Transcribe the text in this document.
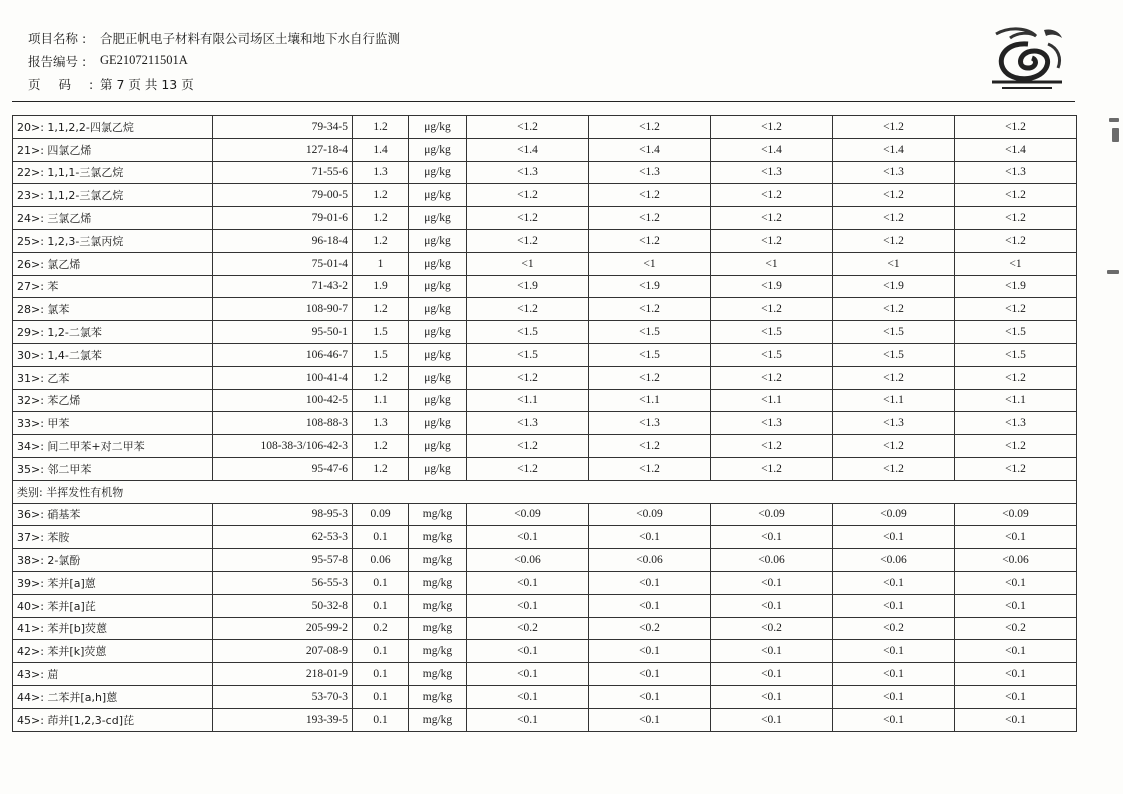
项目名称 :	合肥正帆电子材料有限公司场区土壤和地下水自行监测
报告编号 :	GE2107211501A
页码: 第 7 页 共 13 页
20>: 1,1,2,2-四氯乙烷	79-34-5	1.2	μg/kg	<1.2	<1.2	<1.2	<1.2	<1.2
21>: 四氯乙烯	127-18-4	1.4	μg/kg	<1.4	<1.4	<1.4	<1.4	<1.4
22>: 1,1,1-三氯乙烷	71-55-6	1.3	μg/kg	<1.3	<1.3	<1.3	<1.3	<1.3
23>: 1,1,2-三氯乙烷	79-00-5	1.2	μg/kg	<1.2	<1.2	<1.2	<1.2	<1.2
24>: 三氯乙烯	79-01-6	1.2	μg/kg	<1.2	<1.2	<1.2	<1.2	<1.2
25>: 1,2,3-三氯丙烷	96-18-4	1.2	μg/kg	<1.2	<1.2	<1.2	<1.2	<1.2
26>: 氯乙烯	75-01-4	1	μg/kg	<1	<1	<1	<1	<1
27>: 苯	71-43-2	1.9	μg/kg	<1.9	<1.9	<1.9	<1.9	<1.9
28>: 氯苯	108-90-7	1.2	μg/kg	<1.2	<1.2	<1.2	<1.2	<1.2
29>: 1,2-二氯苯	95-50-1	1.5	μg/kg	<1.5	<1.5	<1.5	<1.5	<1.5
30>: 1,4-二氯苯	106-46-7	1.5	μg/kg	<1.5	<1.5	<1.5	<1.5	<1.5
31>: 乙苯	100-41-4	1.2	μg/kg	<1.2	<1.2	<1.2	<1.2	<1.2
32>: 苯乙烯	100-42-5	1.1	μg/kg	<1.1	<1.1	<1.1	<1.1	<1.1
33>: 甲苯	108-88-3	1.3	μg/kg	<1.3	<1.3	<1.3	<1.3	<1.3
34>: 间二甲苯+对二甲苯	108-38-3/106-42-3	1.2	μg/kg	<1.2	<1.2	<1.2	<1.2	<1.2
35>: 邻二甲苯	95-47-6	1.2	μg/kg	<1.2	<1.2	<1.2	<1.2	<1.2
类别: 半挥发性有机物								
36>: 硝基苯	98-95-3	0.09	mg/kg	<0.09	<0.09	<0.09	<0.09	<0.09
37>: 苯胺	62-53-3	0.1	mg/kg	<0.1	<0.1	<0.1	<0.1	<0.1
38>: 2-氯酚	95-57-8	0.06	mg/kg	<0.06	<0.06	<0.06	<0.06	<0.06
39>: 苯并[a]蒽	56-55-3	0.1	mg/kg	<0.1	<0.1	<0.1	<0.1	<0.1
40>: 苯并[a]芘	50-32-8	0.1	mg/kg	<0.1	<0.1	<0.1	<0.1	<0.1
41>: 苯并[b]荧蒽	205-99-2	0.2	mg/kg	<0.2	<0.2	<0.2	<0.2	<0.2
42>: 苯并[k]荧蒽	207-08-9	0.1	mg/kg	<0.1	<0.1	<0.1	<0.1	<0.1
43>: 䓛	218-01-9	0.1	mg/kg	<0.1	<0.1	<0.1	<0.1	<0.1
44>: 二苯并[a,h]蒽	53-70-3	0.1	mg/kg	<0.1	<0.1	<0.1	<0.1	<0.1
45>: 茚并[1,2,3-cd]芘	193-39-5	0.1	mg/kg	<0.1	<0.1	<0.1	<0.1	<0.1
